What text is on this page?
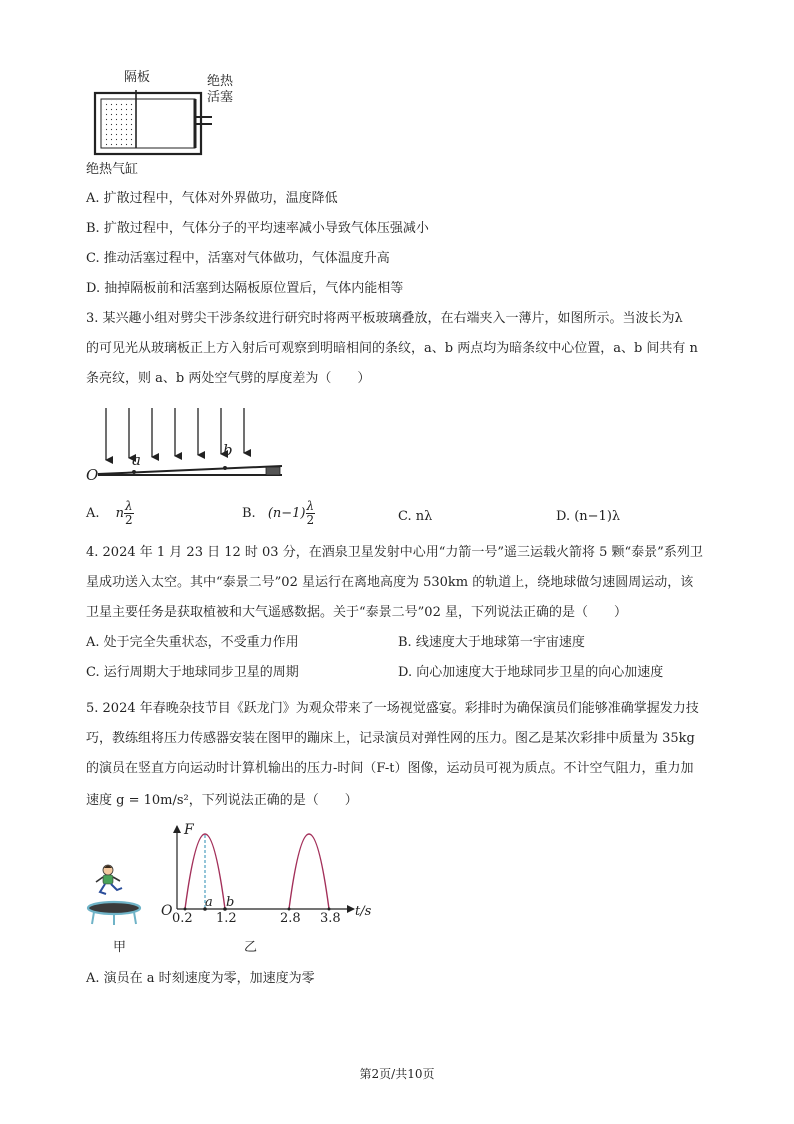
隔板	绝热
活塞
绝热气缸
A. 扩散过程中，气体对外界做功，温度降低
B. 扩散过程中，气体分子的平均速率减小导致气体压强减小
C. 推动活塞过程中，活塞对气体做功，气体温度升高
D. 抽掉隔板前和活塞到达隔板原位置后，气体内能相等
3. 某兴趣小组对劈尖干涉条纹进行研究时将两平板玻璃叠放，在右端夹入一薄片，如图所示。当波长为λ
的可见光从玻璃板正上方入射后可观察到明暗相间的条纹，a、b 两点均为暗条纹中心位置，a、b 间共有 n
条亮纹，则 a、b 两处空气劈的厚度差为（　　）
O
a
b
A. n $\frac{\lambda}{2}$	B. $(n-1) \frac{\lambda}{2}$	C. nλ	D. (n−1)λ
4. 2024 年 1 月 23 日 12 时 03 分，在酒泉卫星发射中心用“力箭一号”遥三运载火箭将 5 颗“泰景”系列卫
星成功送入太空。其中“泰景二号”02 星运行在离地高度为 530km 的轨道上，绕地球做匀速圆周运动，该
卫星主要任务是获取植被和大气遥感数据。关于“泰景二号”02 星，下列说法正确的是（　　）
A. 处于完全失重状态，不受重力作用	B. 线速度大于地球第一宇宙速度
C. 运行周期大于地球同步卫星的周期	D. 向心加速度大于地球同步卫星的向心加速度
5. 2024 年春晚杂技节目《跃龙门》为观众带来了一场视觉盛宴。彩排时为确保演员们能够准确掌握发力技
巧，教练组将压力传感器安装在图甲的蹦床上，记录演员对弹性网的压力。图乙是某次彩排中质量为 35kg
的演员在竖直方向运动时计算机输出的压力-时间（F-t）图像，运动员可视为质点。不计空气阻力，重力加
速度 g = 10m/s²，下列说法正确的是（　　）
甲
F
O	t/s
a b
0.2 1.2	2.8 3.8
乙
A. 演员在 a 时刻速度为零，加速度为零
第2页/共10页
